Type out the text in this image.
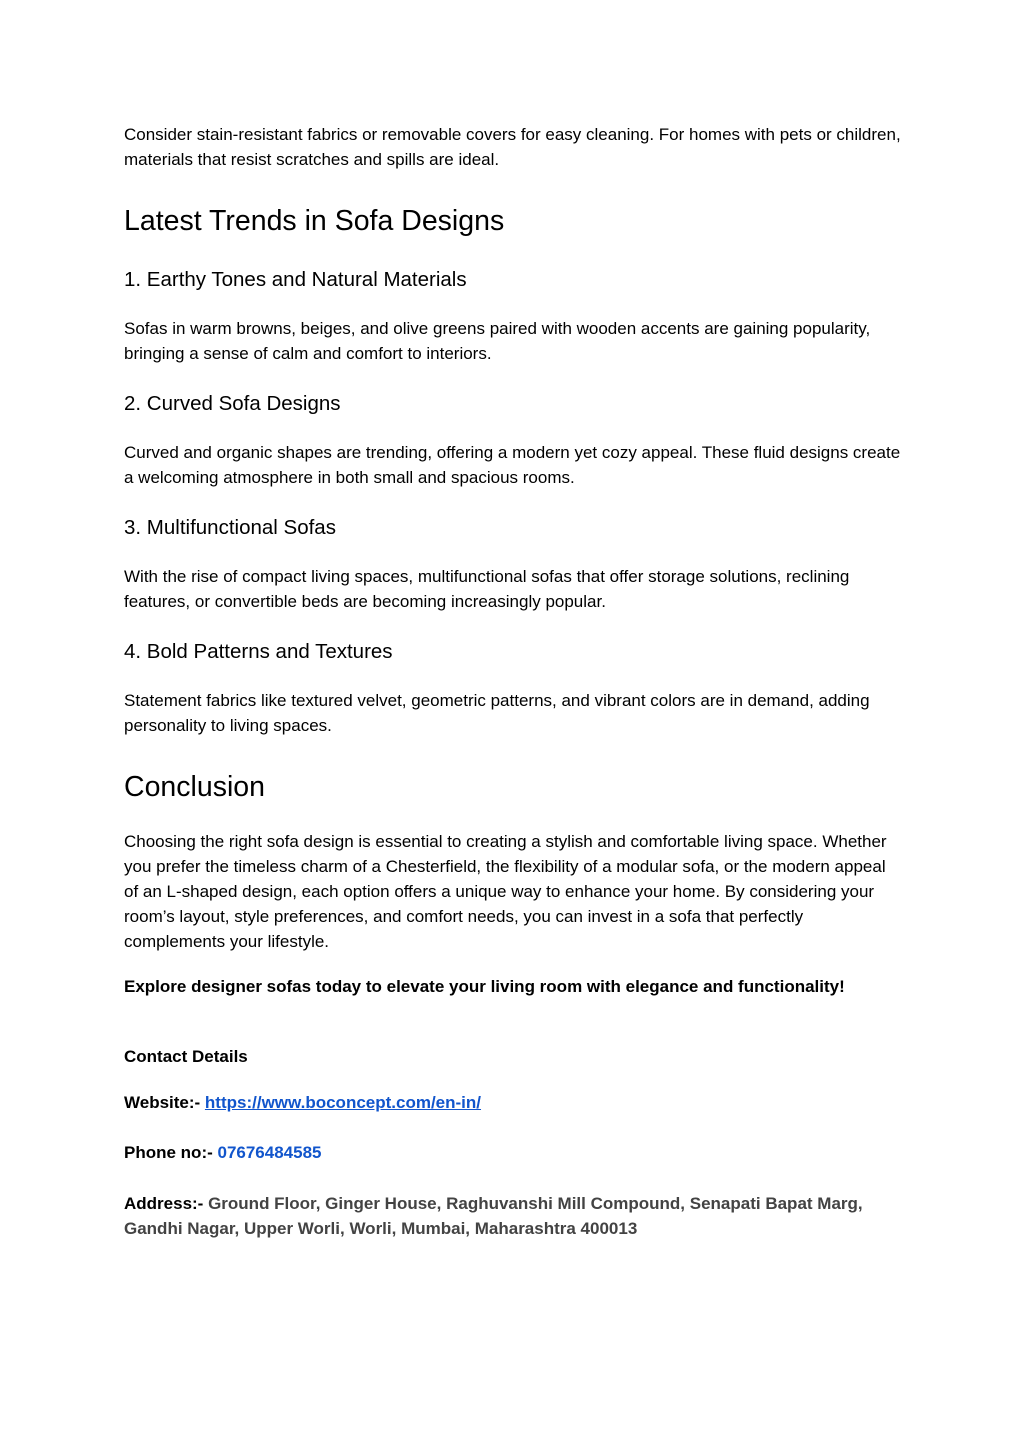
Consider stain-resistant fabrics or removable covers for easy cleaning. For homes with pets or children, materials that resist scratches and spills are ideal.

Latest Trends in Sofa Designs
1. Earthy Tones and Natural Materials

Sofas in warm browns, beiges, and olive greens paired with wooden accents are gaining popularity, bringing a sense of calm and comfort to interiors.

2. Curved Sofa Designs

Curved and organic shapes are trending, offering a modern yet cozy appeal. These fluid designs create a welcoming atmosphere in both small and spacious rooms.

3. Multifunctional Sofas

With the rise of compact living spaces, multifunctional sofas that offer storage solutions, reclining features, or convertible beds are becoming increasingly popular.

4. Bold Patterns and Textures

Statement fabrics like textured velvet, geometric patterns, and vibrant colors are in demand, adding personality to living spaces.

Conclusion

Choosing the right sofa design is essential to creating a stylish and comfortable living space. Whether you prefer the timeless charm of a Chesterfield, the flexibility of a modular sofa, or the modern appeal of an L-shaped design, each option offers a unique way to enhance your home. By considering your room’s layout, style preferences, and comfort needs, you can invest in a sofa that perfectly complements your lifestyle.

Explore designer sofas today to elevate your living room with elegance and functionality!

Contact Details

Website:- https://www.boconcept.com/en-in/

Phone no:- 07676484585

Address:- Ground Floor, Ginger House, Raghuvanshi Mill Compound, Senapati Bapat Marg, Gandhi Nagar, Upper Worli, Worli, Mumbai, Maharashtra 400013
